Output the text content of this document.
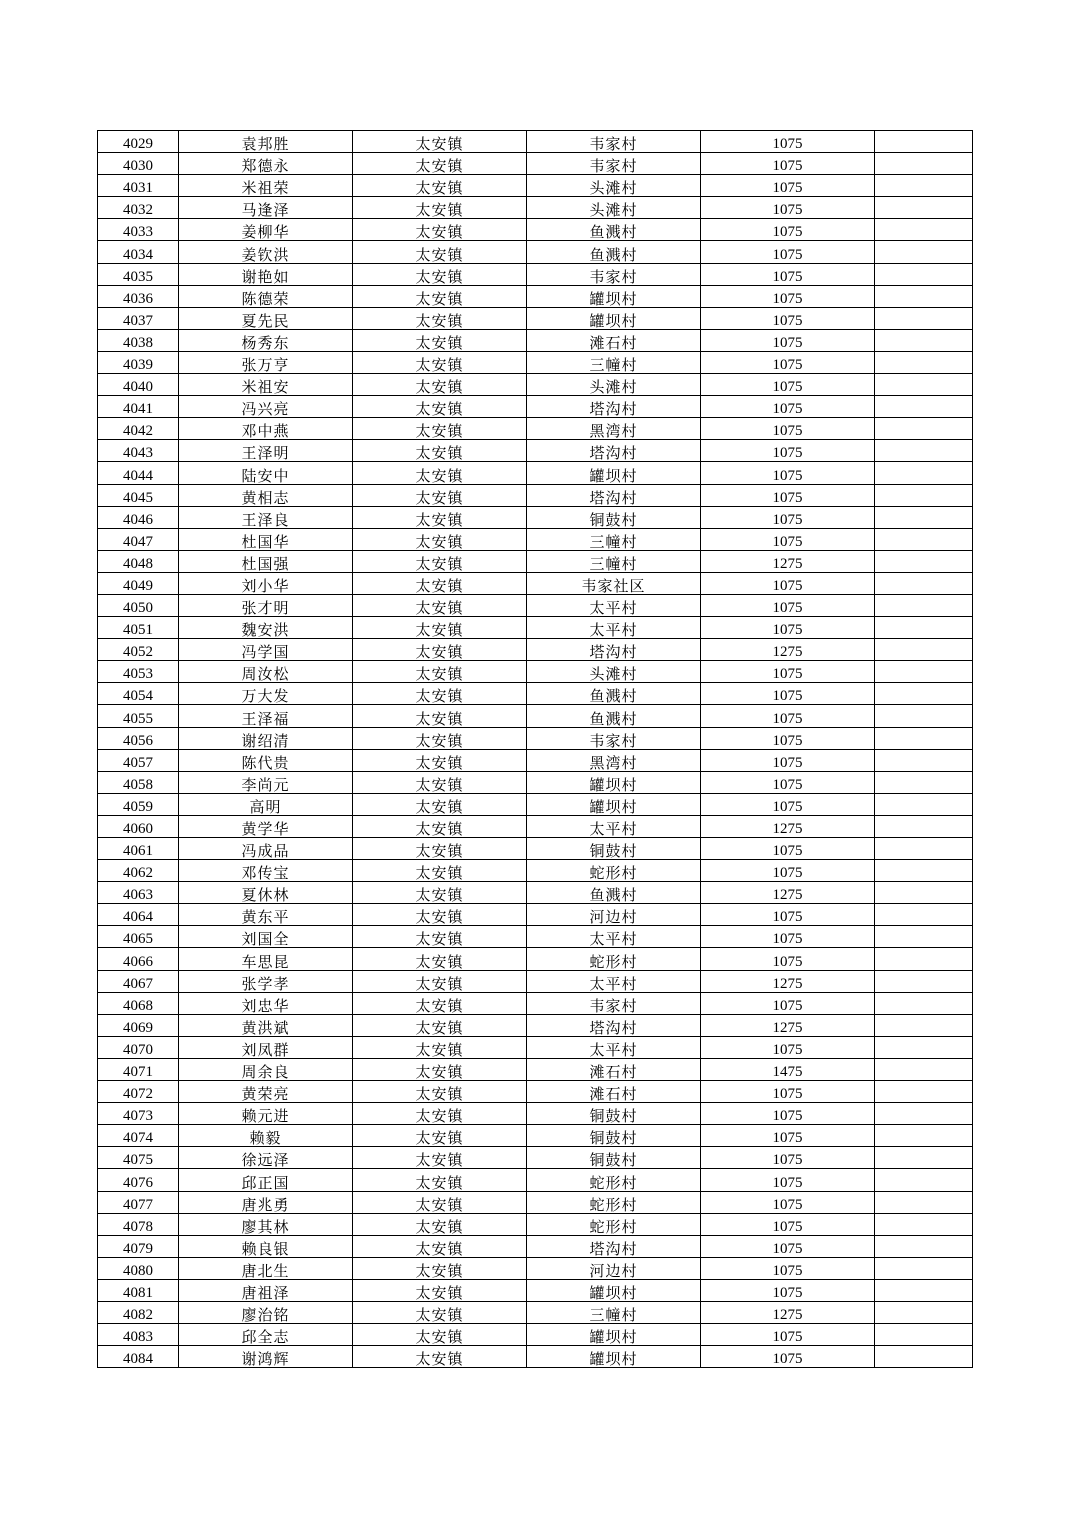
4029	袁邦胜	太安镇	韦家村	1075	
4030	郑德永	太安镇	韦家村	1075	
4031	米祖荣	太安镇	头滩村	1075	
4032	马逢泽	太安镇	头滩村	1075	
4033	姜柳华	太安镇	鱼溅村	1075	
4034	姜钦洪	太安镇	鱼溅村	1075	
4035	谢艳如	太安镇	韦家村	1075	
4036	陈德荣	太安镇	罐坝村	1075	
4037	夏先民	太安镇	罐坝村	1075	
4038	杨秀东	太安镇	滩石村	1075	
4039	张万亨	太安镇	三幢村	1075	
4040	米祖安	太安镇	头滩村	1075	
4041	冯兴亮	太安镇	塔沟村	1075	
4042	邓中燕	太安镇	黑湾村	1075	
4043	王泽明	太安镇	塔沟村	1075	
4044	陆安中	太安镇	罐坝村	1075	
4045	黄相志	太安镇	塔沟村	1075	
4046	王泽良	太安镇	铜鼓村	1075	
4047	杜国华	太安镇	三幢村	1075	
4048	杜国强	太安镇	三幢村	1275	
4049	刘小华	太安镇	韦家社区	1075	
4050	张才明	太安镇	太平村	1075	
4051	魏安洪	太安镇	太平村	1075	
4052	冯学国	太安镇	塔沟村	1275	
4053	周汝松	太安镇	头滩村	1075	
4054	万大发	太安镇	鱼溅村	1075	
4055	王泽福	太安镇	鱼溅村	1075	
4056	谢绍清	太安镇	韦家村	1075	
4057	陈代贵	太安镇	黑湾村	1075	
4058	李尚元	太安镇	罐坝村	1075	
4059	高明	太安镇	罐坝村	1075	
4060	黄学华	太安镇	太平村	1275	
4061	冯成品	太安镇	铜鼓村	1075	
4062	邓传宝	太安镇	蛇形村	1075	
4063	夏休林	太安镇	鱼溅村	1275	
4064	黄东平	太安镇	河边村	1075	
4065	刘国全	太安镇	太平村	1075	
4066	车思昆	太安镇	蛇形村	1075	
4067	张学孝	太安镇	太平村	1275	
4068	刘忠华	太安镇	韦家村	1075	
4069	黄洪斌	太安镇	塔沟村	1275	
4070	刘凤群	太安镇	太平村	1075	
4071	周余良	太安镇	滩石村	1475	
4072	黄荣亮	太安镇	滩石村	1075	
4073	赖元进	太安镇	铜鼓村	1075	
4074	赖毅	太安镇	铜鼓村	1075	
4075	徐远泽	太安镇	铜鼓村	1075	
4076	邱正国	太安镇	蛇形村	1075	
4077	唐兆勇	太安镇	蛇形村	1075	
4078	廖其林	太安镇	蛇形村	1075	
4079	赖良银	太安镇	塔沟村	1075	
4080	唐北生	太安镇	河边村	1075	
4081	唐祖泽	太安镇	罐坝村	1075	
4082	廖治铭	太安镇	三幢村	1275	
4083	邱全志	太安镇	罐坝村	1075	
4084	谢鸿辉	太安镇	罐坝村	1075	
